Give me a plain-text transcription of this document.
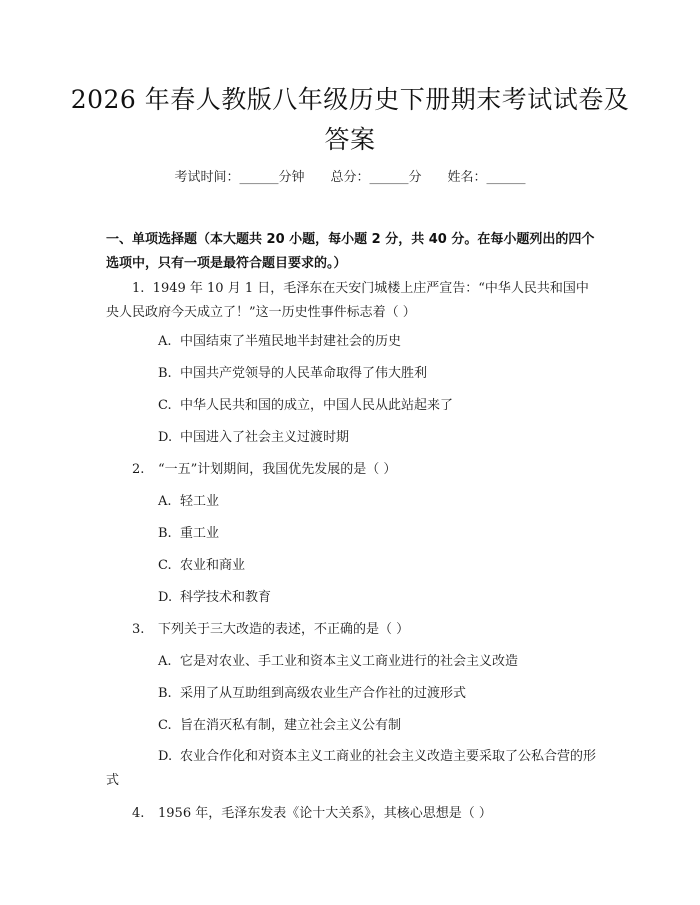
2026 年春人教版八年级历史下册期末考试试卷及答案
考试时间：______分钟 总分：______分 姓名：______
一、单项选择题（本大题共 20 小题，每小题 2 分，共 40 分。在每小题列出的四个选项中，只有一项是最符合题目要求的。）
1. 1949 年 10 月 1 日，毛泽东在天安门城楼上庄严宣告：“中华人民共和国中央人民政府今天成立了！”这一历史性事件标志着（ ）
A. 中国结束了半殖民地半封建社会的历史
B. 中国共产党领导的人民革命取得了伟大胜利
C. 中华人民共和国的成立，中国人民从此站起来了
D. 中国进入了社会主义过渡时期
2. “一五”计划期间，我国优先发展的是（ ）
A. 轻工业
B. 重工业
C. 农业和商业
D. 科学技术和教育
3. 下列关于三大改造的表述，不正确的是（ ）
A. 它是对农业、手工业和资本主义工商业进行的社会主义改造
B. 采用了从互助组到高级农业生产合作社的过渡形式
C. 旨在消灭私有制，建立社会主义公有制
D. 农业合作化和对资本主义工商业的社会主义改造主要采取了公私合营的形式
4. 1956 年，毛泽东发表《论十大关系》，其核心思想是（ ）
